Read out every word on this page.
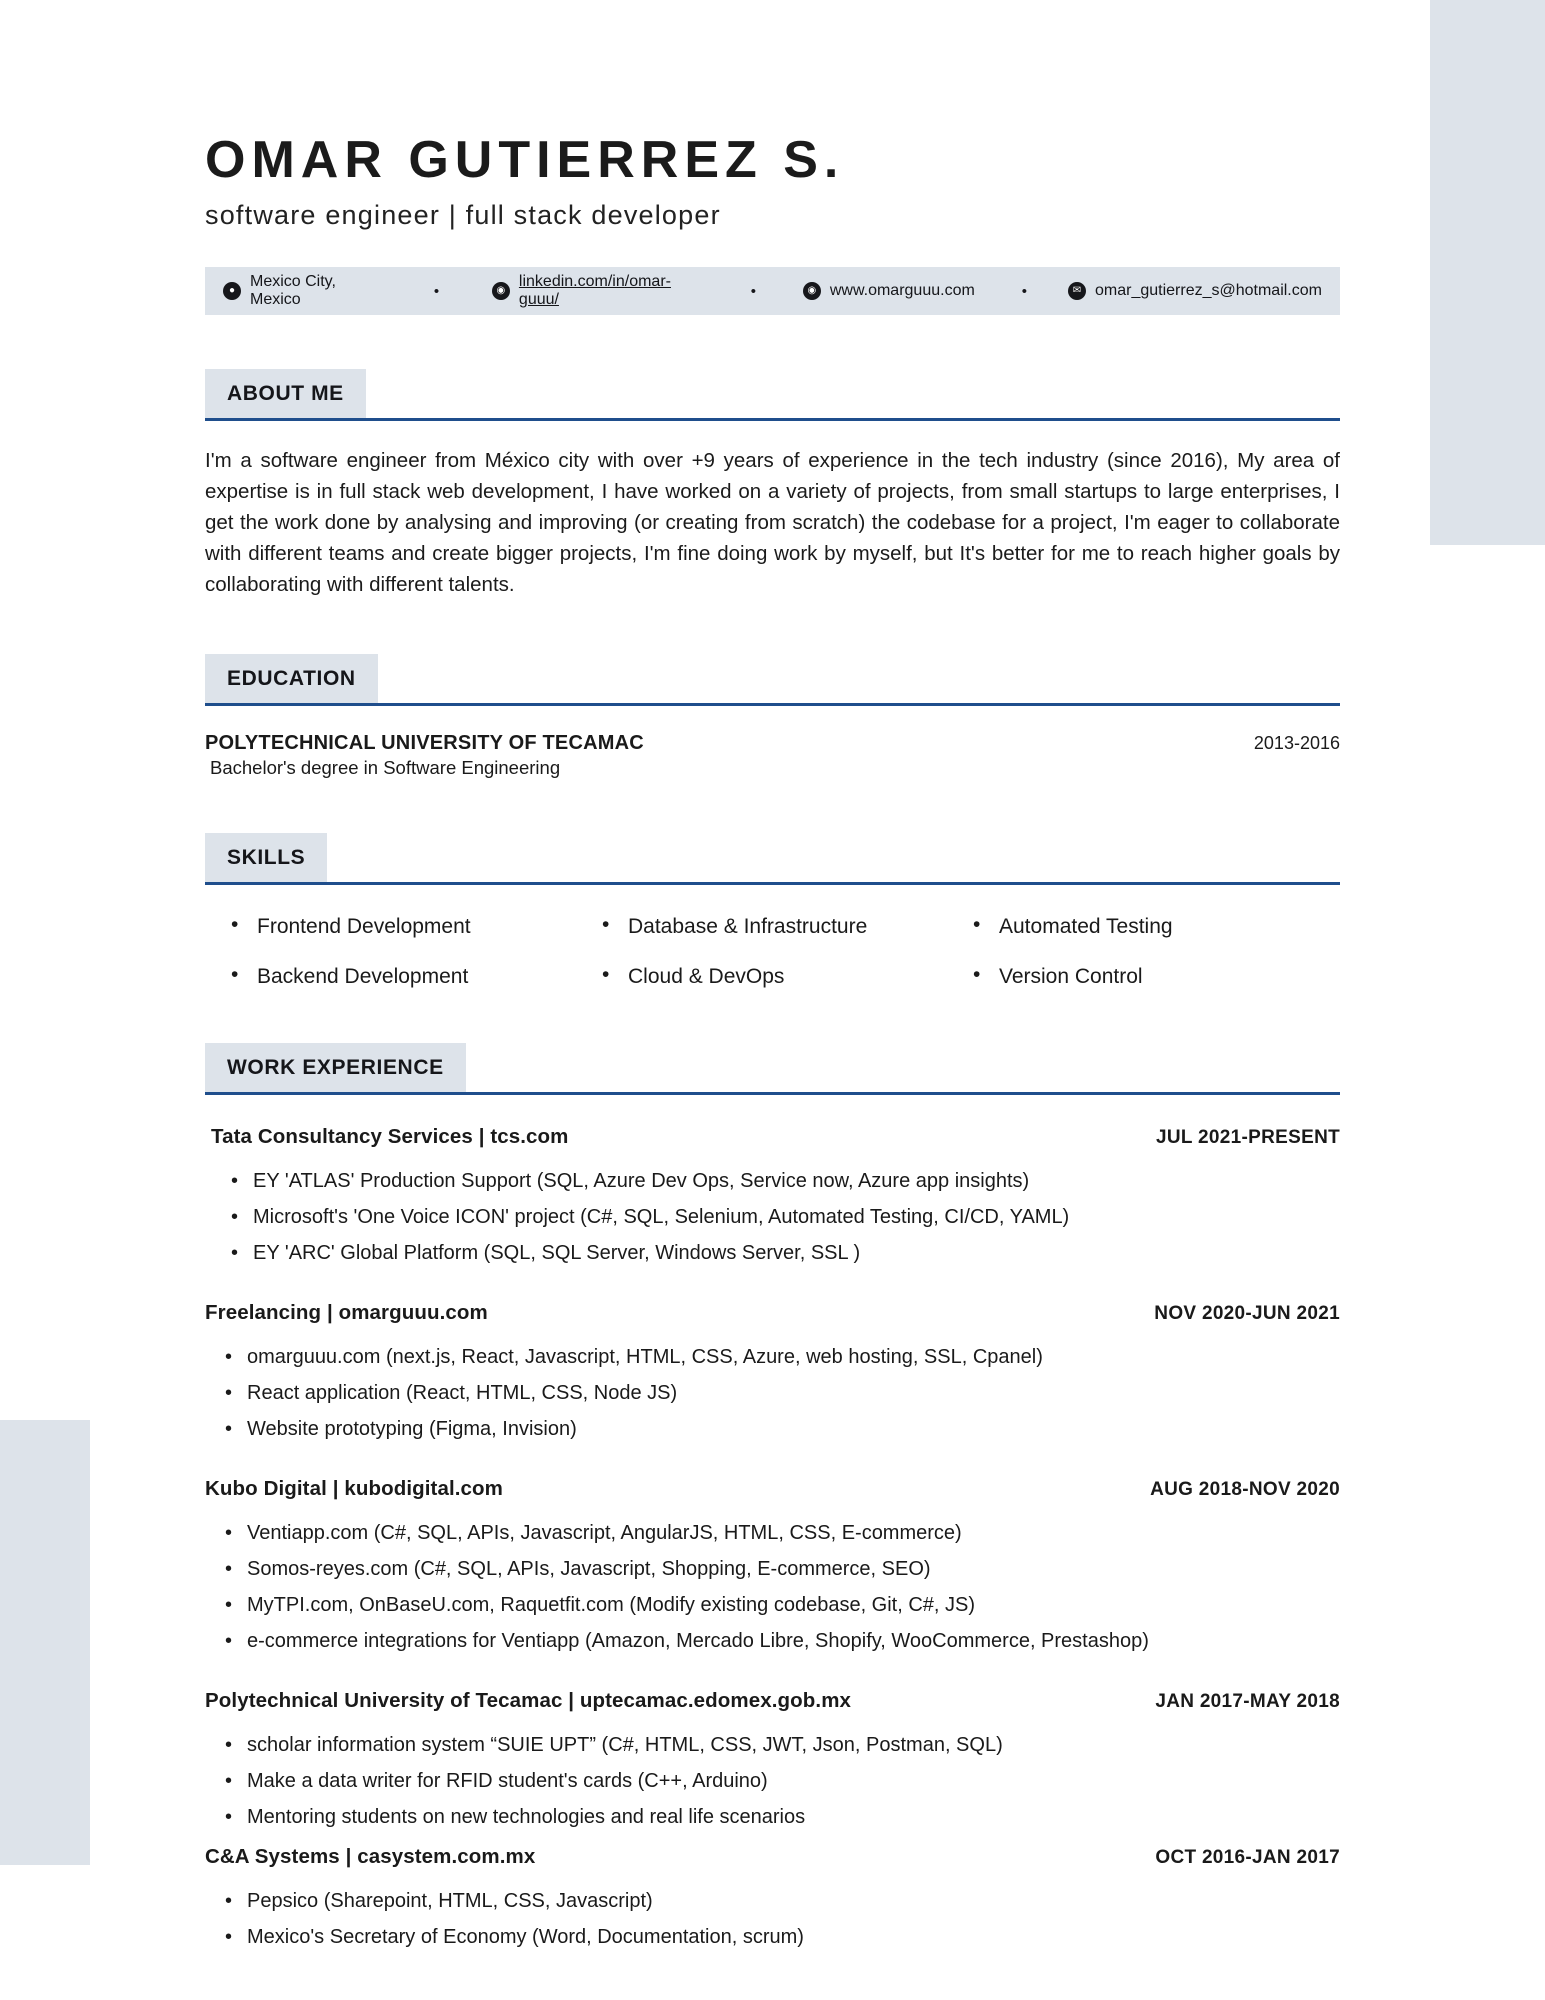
OMAR GUTIERREZ S.
software engineer | full stack developer
●
Mexico City, Mexico	•	◉
linkedin.com/in/omar-guuu/	•	◉ www.omarguuu.com	•	✉ omar_gutierrez_s@hotmail.com
ABOUT ME

I'm a software engineer from México city with over +9 years of experience in the tech industry (since 2016), My area of expertise is in full stack web development, I have worked on a variety of projects, from small startups to large enterprises, I get the work done by analysing and improving (or creating from scratch) the codebase for a project, I'm eager to collaborate with different teams and create bigger projects, I'm fine doing work by myself, but It's better for me to reach higher goals by collaborating with different talents.

EDUCATION
POLYTECHNICAL UNIVERSITY OF TECAMAC	2013-2016
Bachelor's degree in Software Engineering
SKILLS
• Frontend Development	• Database & Infrastructure	• Automated Testing
• Backend Development	• Cloud & DevOps	• Version Control
WORK EXPERIENCE
Tata Consultancy Services | tcs.com	JUL 2021-PRESENT
• EY 'ATLAS' Production Support (SQL, Azure Dev Ops, Service now, Azure app insights)
• Microsoft's 'One Voice ICON' project (C#, SQL, Selenium, Automated Testing, CI/CD, YAML)
• EY 'ARC' Global Platform (SQL, SQL Server, Windows Server, SSL )
Freelancing | omarguuu.com	NOV 2020-JUN 2021
• omarguuu.com (next.js, React, Javascript, HTML, CSS, Azure, web hosting, SSL, Cpanel)
• React application (React, HTML, CSS, Node JS)
• Website prototyping (Figma, Invision)
Kubo Digital | kubodigital.com	AUG 2018-NOV 2020
• Ventiapp.com (C#, SQL, APIs, Javascript, AngularJS, HTML, CSS, E-commerce)
• Somos-reyes.com (C#, SQL, APIs, Javascript, Shopping, E-commerce, SEO)
• MyTPI.com, OnBaseU.com, Raquetfit.com (Modify existing codebase, Git, C#, JS)
• e-commerce integrations for Ventiapp (Amazon, Mercado Libre, Shopify, WooCommerce, Prestashop)
Polytechnical University of Tecamac | uptecamac.edomex.gob.mx	JAN 2017-MAY 2018
• scholar information system “SUIE UPT” (C#, HTML, CSS, JWT, Json, Postman, SQL)
• Make a data writer for RFID student's cards (C++, Arduino)
• Mentoring students on new technologies and real life scenarios
C&A Systems | casystem.com.mx	OCT 2016-JAN 2017
• Pepsico (Sharepoint, HTML, CSS, Javascript)
• Mexico's Secretary of Economy (Word, Documentation, scrum)
